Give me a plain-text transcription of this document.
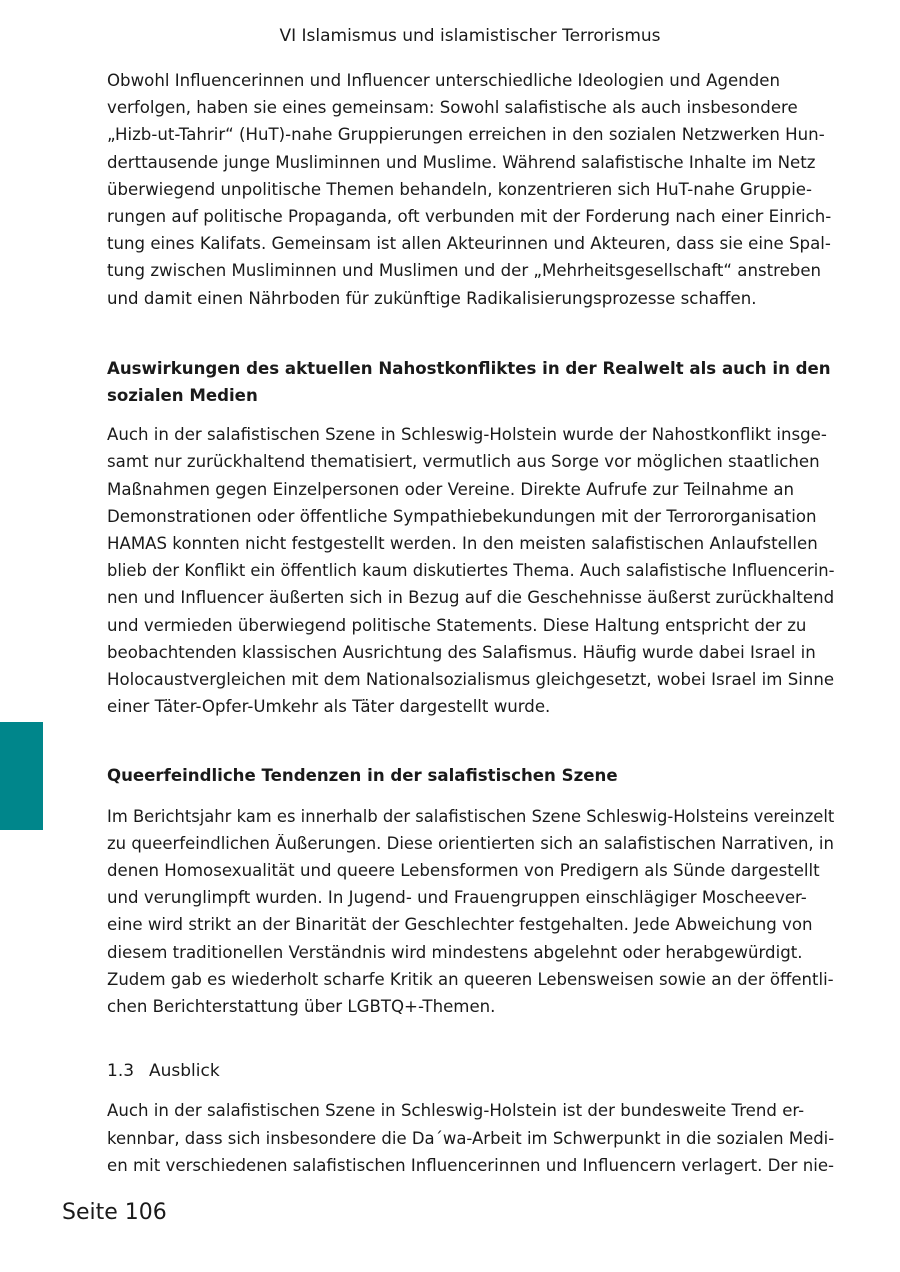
VI Islamismus und islamistischer Terrorismus

Obwohl Influencerinnen und Influencer unterschiedliche Ideologien und Agenden
verfolgen, haben sie eines gemeinsam: Sowohl salafistische als auch insbesondere
„Hizb-ut-Tahrir“ (HuT)-nahe Gruppierungen erreichen in den sozialen Netzwerken Hun-
derttausende junge Musliminnen und Muslime. Während salafistische Inhalte im Netz
überwiegend unpolitische Themen behandeln, konzentrieren sich HuT-nahe Gruppie-
rungen auf politische Propaganda, oft verbunden mit der Forderung nach einer Einrich-
tung eines Kalifats. Gemeinsam ist allen Akteurinnen und Akteuren, dass sie eine Spal-
tung zwischen Musliminnen und Muslimen und der „Mehrheitsgesellschaft“ anstreben
und damit einen Nährboden für zukünftige Radikalisierungsprozesse schaffen.

Auswirkungen des aktuellen Nahostkonfliktes in der Realwelt als auch in den
sozialen Medien

Auch in der salafistischen Szene in Schleswig-Holstein wurde der Nahostkonflikt insge-
samt nur zurückhaltend thematisiert, vermutlich aus Sorge vor möglichen staatlichen
Maßnahmen gegen Einzelpersonen oder Vereine. Direkte Aufrufe zur Teilnahme an
Demonstrationen oder öffentliche Sympathiebekundungen mit der Terrororganisation
HAMAS konnten nicht festgestellt werden. In den meisten salafistischen Anlaufstellen
blieb der Konflikt ein öffentlich kaum diskutiertes Thema. Auch salafistische Influencerin-
nen und Influencer äußerten sich in Bezug auf die Geschehnisse äußerst zurückhaltend
und vermieden überwiegend politische Statements. Diese Haltung entspricht der zu
beobachtenden klassischen Ausrichtung des Salafismus. Häufig wurde dabei Israel in
Holocaustvergleichen mit dem Nationalsozialismus gleichgesetzt, wobei Israel im Sinne
einer Täter-Opfer-Umkehr als Täter dargestellt wurde.

Queerfeindliche Tendenzen in der salafistischen Szene

Im Berichtsjahr kam es innerhalb der salafistischen Szene Schleswig-Holsteins vereinzelt
zu queerfeindlichen Äußerungen. Diese orientierten sich an salafistischen Narrativen, in
denen Homosexualität und queere Lebensformen von Predigern als Sünde dargestellt
und verunglimpft wurden. In Jugend- und Frauengruppen einschlägiger Moscheever-
eine wird strikt an der Binarität der Geschlechter festgehalten. Jede Abweichung von
diesem traditionellen Verständnis wird mindestens abgelehnt oder herabgewürdigt.
Zudem gab es wiederholt scharfe Kritik an queeren Lebensweisen sowie an der öffentli-
chen Berichterstattung über LGBTQ+-Themen.

1.3 Ausblick

Auch in der salafistischen Szene in Schleswig-Holstein ist der bundesweite Trend er-
kennbar, dass sich insbesondere die Da´wa-Arbeit im Schwerpunkt in die sozialen Medi-
en mit verschiedenen salafistischen Influencerinnen und Influencern verlagert. Der nie-

Seite 106
